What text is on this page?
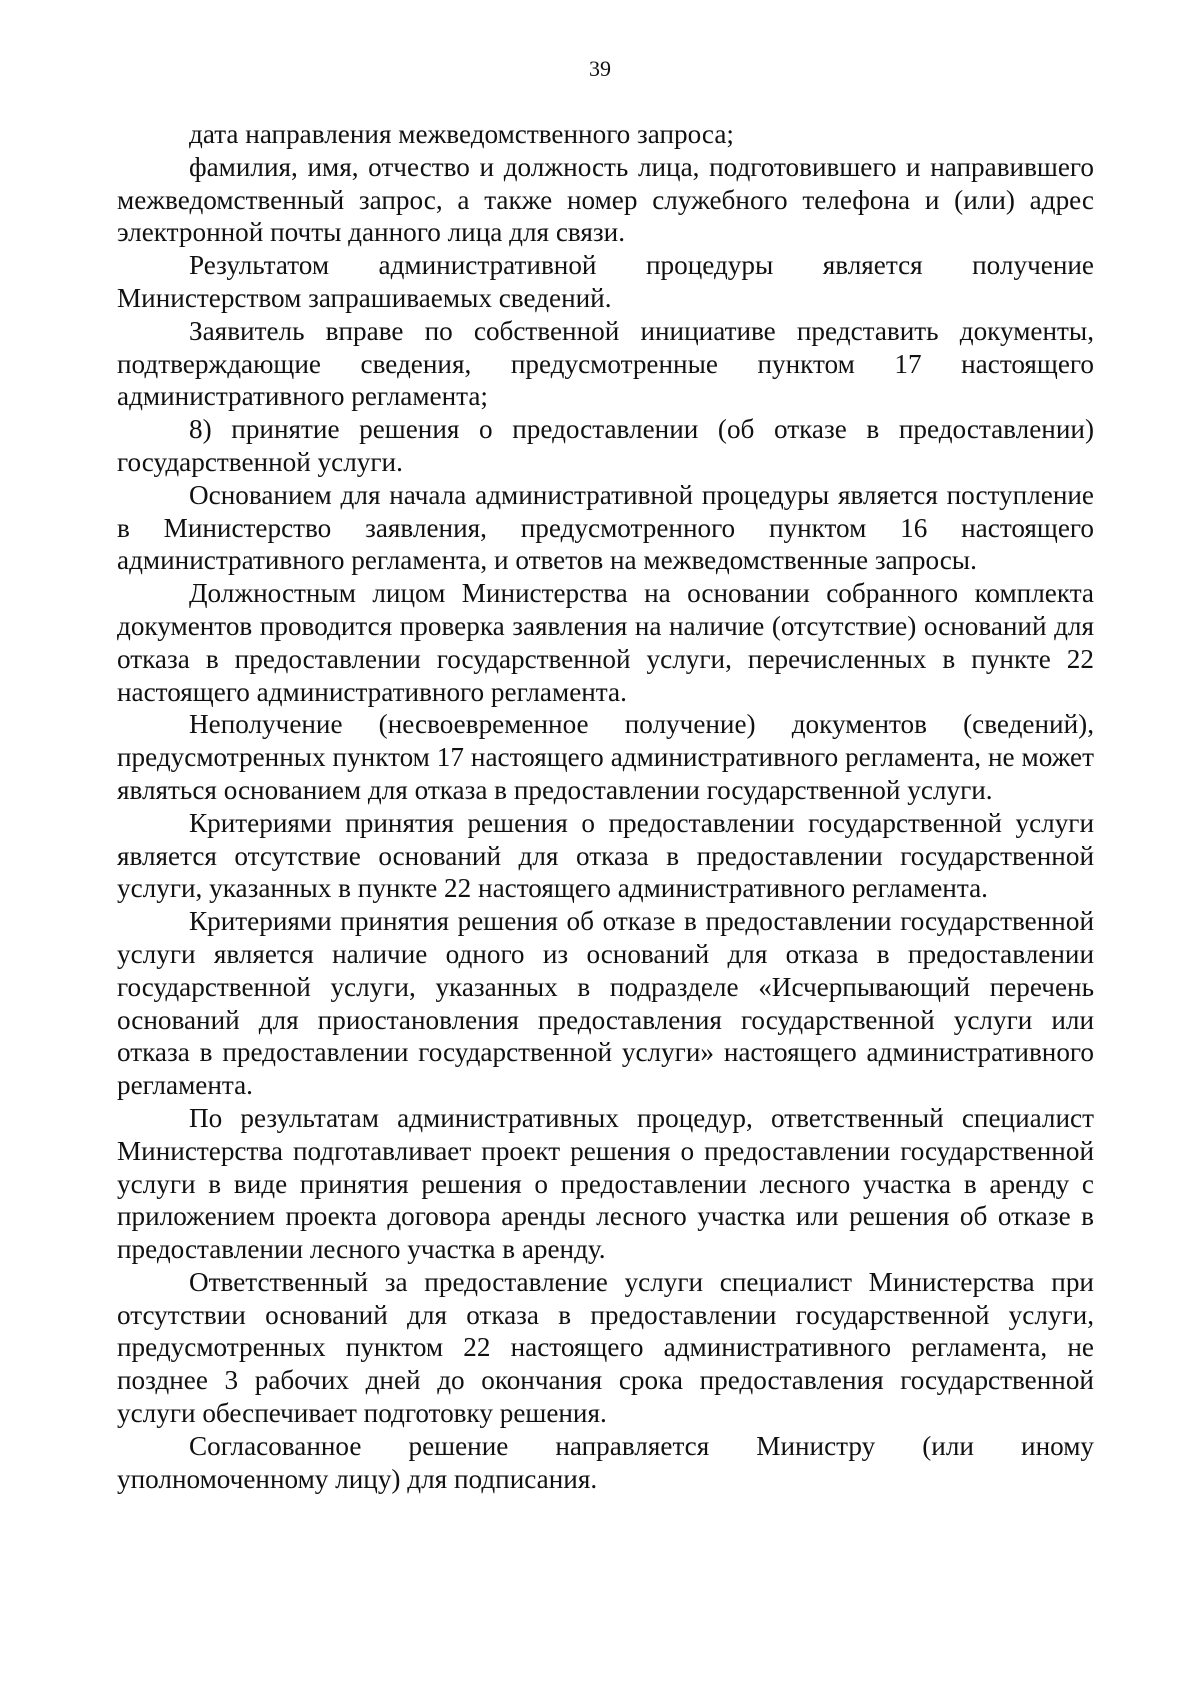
39

дата направления межведомственного запроса;

фамилия, имя, отчество и должность лица, подготовившего и направившего межведомственный запрос, а также номер служебного телефона и (или) адрес электронной почты данного лица для связи.

Результатом административной процедуры является получение Министерством запрашиваемых сведений.

Заявитель вправе по собственной инициативе представить документы, подтверждающие сведения, предусмотренные пунктом 17 настоящего административного регламента;

8) принятие решения о предоставлении (об отказе в предоставлении) государственной услуги.

Основанием для начала административной процедуры является поступление в Министерство заявления, предусмотренного пунктом 16 настоящего административного регламента, и ответов на межведомственные запросы.

Должностным лицом Министерства на основании собранного комплекта документов проводится проверка заявления на наличие (отсутствие) оснований для отказа в предоставлении государственной услуги, перечисленных в пункте 22 настоящего административного регламента.

Неполучение (несвоевременное получение) документов (сведений), предусмотренных пунктом 17 настоящего административного регламента, не может являться основанием для отказа в предоставлении государственной услуги.

Критериями принятия решения о предоставлении государственной услуги является отсутствие оснований для отказа в предоставлении государственной услуги, указанных в пункте 22 настоящего административного регламента.

Критериями принятия решения об отказе в предоставлении государственной услуги является наличие одного из оснований для отказа в предоставлении государственной услуги, указанных в подразделе «Исчерпывающий перечень оснований для приостановления предоставления государственной услуги или отказа в предоставлении государственной услуги» настоящего административного регламента.

По результатам административных процедур, ответственный специалист Министерства подготавливает проект решения о предоставлении государственной услуги в виде принятия решения о предоставлении лесного участка в аренду с приложением проекта договора аренды лесного участка или решения об отказе в предоставлении лесного участка в аренду.

Ответственный за предоставление услуги специалист Министерства при отсутствии оснований для отказа в предоставлении государственной услуги, предусмотренных пунктом 22 настоящего административного регламента, не позднее 3 рабочих дней до окончания срока предоставления государственной услуги обеспечивает подготовку решения.

Согласованное решение направляется Министру (или иному уполномоченному лицу) для подписания.
